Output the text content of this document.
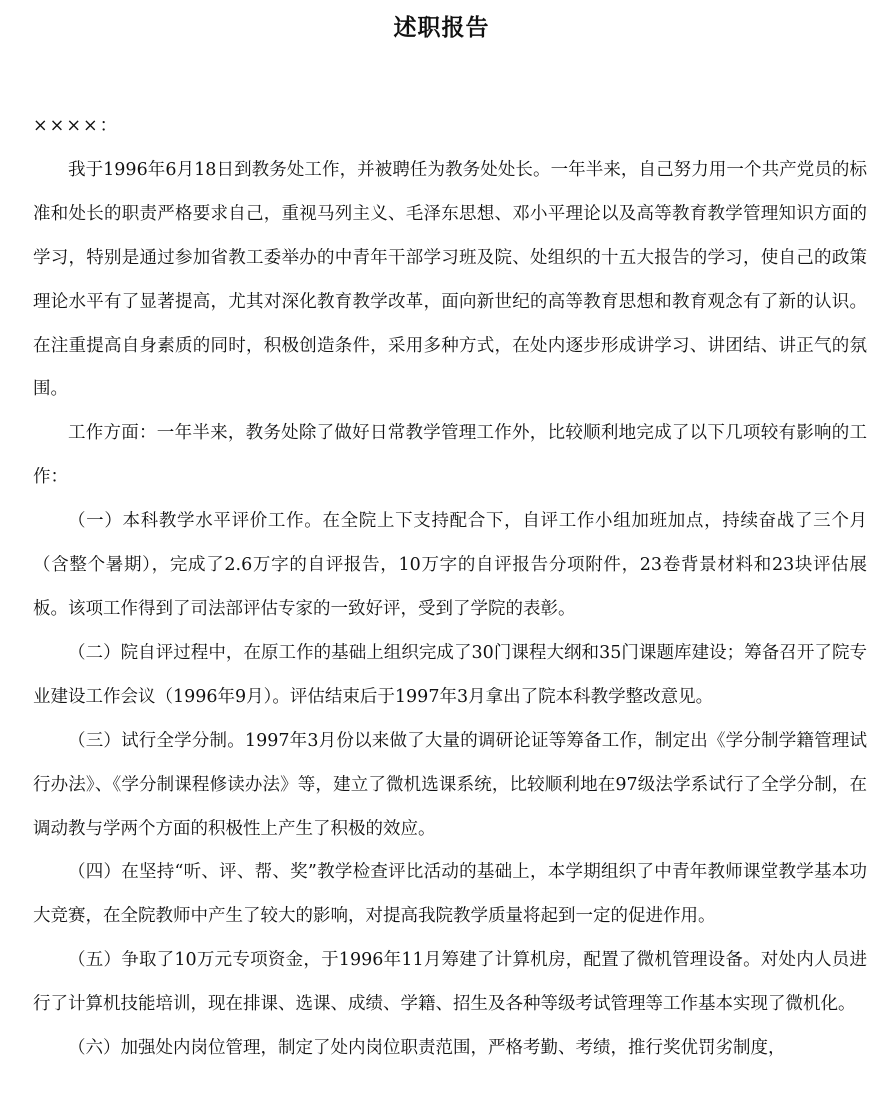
述职报告

××××：

我于1996年6月18日到教务处工作，并被聘任为教务处处长。一年半来，自己努力用一个共产党员的标准和处长的职责严格要求自己，重视马列主义、毛泽东思想、邓小平理论以及高等教育教学管理知识方面的学习，特别是通过参加省教工委举办的中青年干部学习班及院、处组织的十五大报告的学习，使自己的政策理论水平有了显著提高，尤其对深化教育教学改革，面向新世纪的高等教育思想和教育观念有了新的认识。在注重提高自身素质的同时，积极创造条件，采用多种方式，在处内逐步形成讲学习、讲团结、讲正气的氛围。

工作方面：一年半来，教务处除了做好日常教学管理工作外，比较顺利地完成了以下几项较有影响的工作：

（一）本科教学水平评价工作。在全院上下支持配合下，自评工作小组加班加点，持续奋战了三个月（含整个暑期），完成了2.6万字的自评报告，10万字的自评报告分项附件，23卷背景材料和23块评估展板。该项工作得到了司法部评估专家的一致好评，受到了学院的表彰。

（二）院自评过程中，在原工作的基础上组织完成了30门课程大纲和35门课题库建设；筹备召开了院专业建设工作会议（1996年9月）。评估结束后于1997年3月拿出了院本科教学整改意见。

（三）试行全学分制。1997年3月份以来做了大量的调研论证等筹备工作，制定出《学分制学籍管理试行办法》、《学分制课程修读办法》等，建立了微机选课系统，比较顺利地在97级法学系试行了全学分制，在调动教与学两个方面的积极性上产生了积极的效应。

（四）在坚持“听、评、帮、奖”教学检查评比活动的基础上，本学期组织了中青年教师课堂教学基本功大竞赛，在全院教师中产生了较大的影响，对提高我院教学质量将起到一定的促进作用。

（五）争取了10万元专项资金，于1996年11月筹建了计算机房，配置了微机管理设备。对处内人员进行了计算机技能培训，现在排课、选课、成绩、学籍、招生及各种等级考试管理等工作基本实现了微机化。

（六）加强处内岗位管理，制定了处内岗位职责范围，严格考勤、考绩，推行奖优罚劣制度，
